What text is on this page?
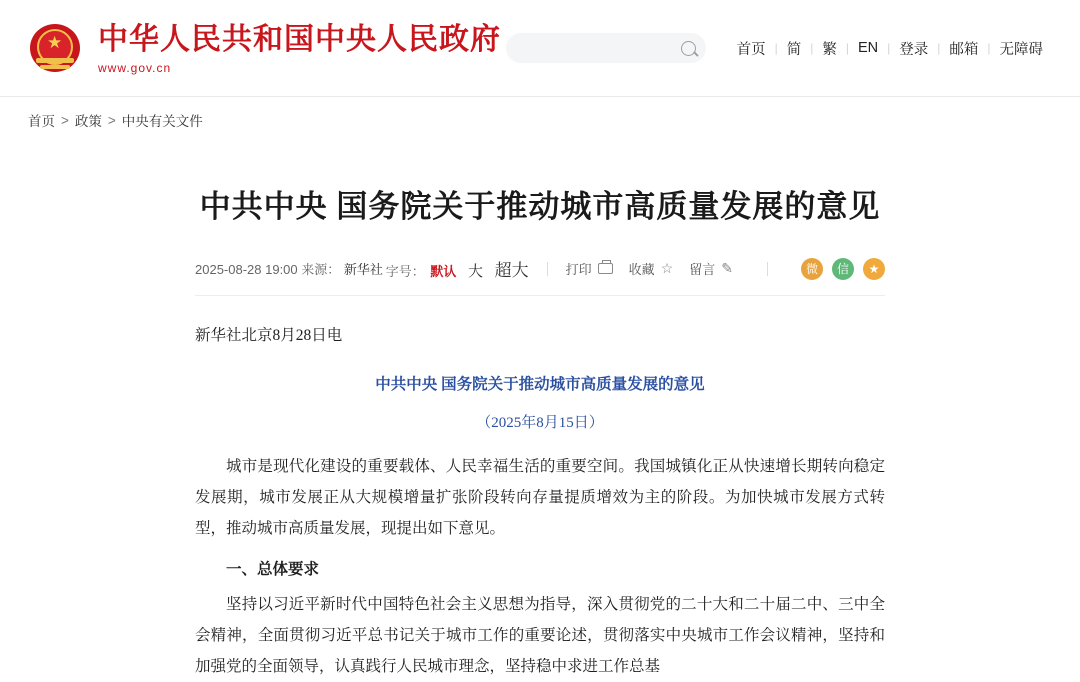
★ 中华人民共和国中央人民政府
www.gov.cn
首页 | 简 | 繁 | EN | 登录 | 邮箱 | 无障碍
首页 > 政策 > 中央有关文件
中共中央 国务院关于推动城市高质量发展的意见
2025-08-28 19:00 来源： 新华社 字号： 默认 大 超大	打印	收藏 ☆ 留言 ✎	微	信	★
新华社北京8月28日电
中共中央 国务院关于推动城市高质量发展的意见
（2025年8月15日）

城市是现代化建设的重要载体、人民幸福生活的重要空间。我国城镇化正从快速增长期转向稳定发展期，城市发展正从大规模增量扩张阶段转向存量提质增效为主的阶段。为加快城市发展方式转型，推动城市高质量发展，现提出如下意见。

一、总体要求

坚持以习近平新时代中国特色社会主义思想为指导，深入贯彻党的二十大和二十届二中、三中全会精神，全面贯彻习近平总书记关于城市工作的重要论述，贯彻落实中央城市工作会议精神，坚持和加强党的全面领导，认真践行人民城市理念，坚持稳中求进工作总基
